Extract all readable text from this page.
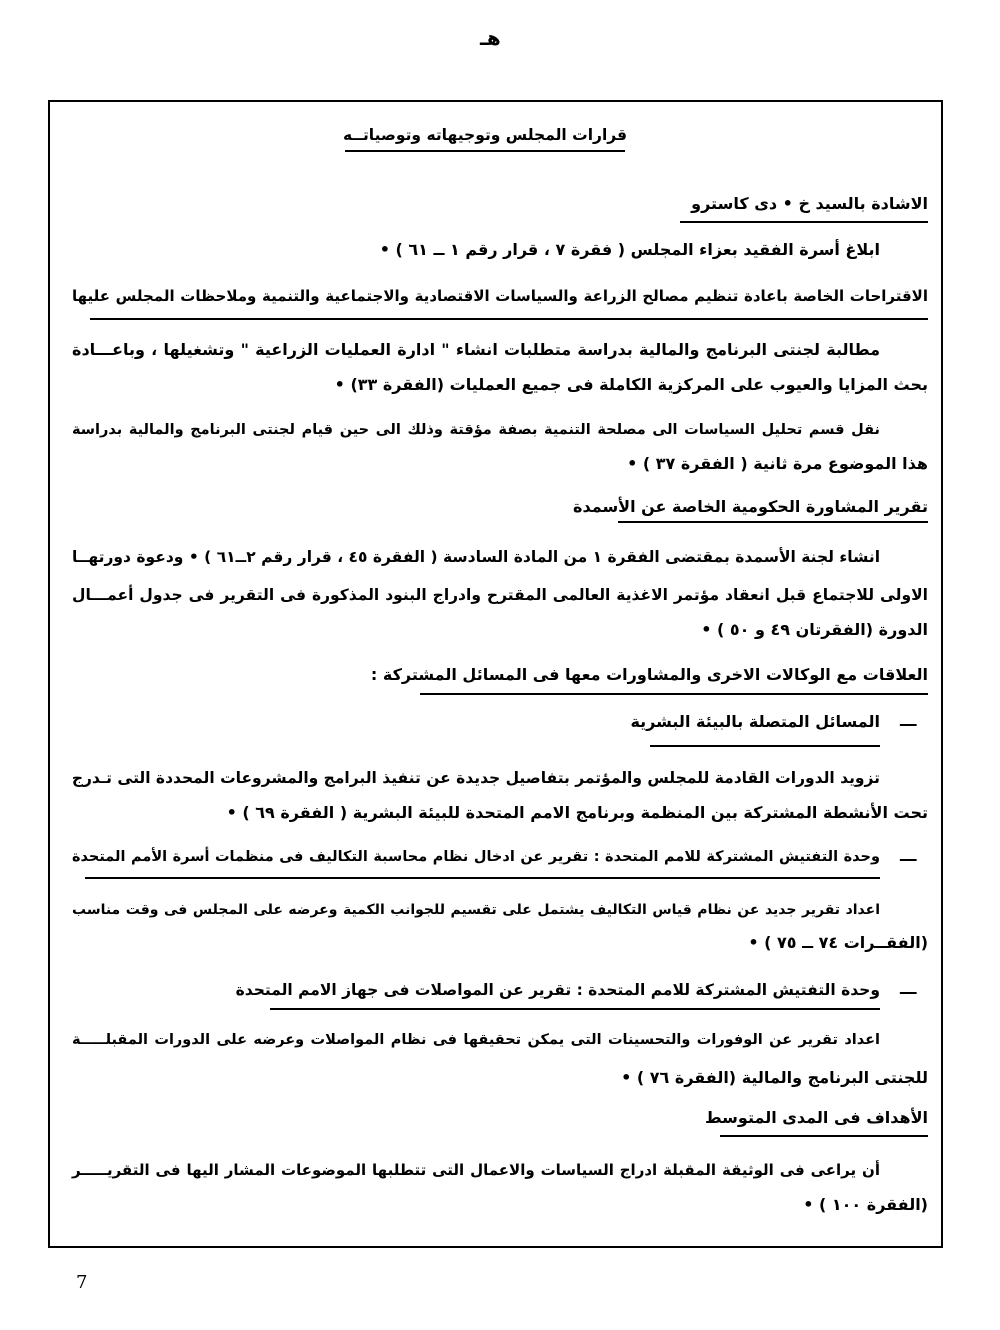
هـ
قرارات المجلس وتوجيهاته وتوصياتــه
الاشادة بالسيد خ • دى كاسترو
ابلاغ أسرة الفقيد بعزاء المجلس ( فقرة ٧ ، قرار رقم ١ ــ ٦١ ) •
الاقتراحات الخاصة باعادة تنظيم مصالح الزراعة والسياسات الاقتصادية والاجتماعية والتنمية وملاحظات المجلس عليها
مطالبة لجنتى البرنامج والمالية بدراسة متطلبات انشاء " ادارة العمليات الزراعية " وتشغيلها ، وباعـــادة
بحث المزايا والعيوب على المركزية الكاملة فى جميع العمليات (الفقرة ٣٣) •
نقل قسم تحليل السياسات الى مصلحة التنمية بصفة مؤقتة وذلك الى حين قيام لجنتى البرنامج والمالية بدراسة
هذا الموضوع مرة ثانية ( الفقرة ٣٧ ) •
تقرير المشاورة الحكومية الخاصة عن الأسمدة
انشاء لجنة الأسمدة بمقتضى الفقرة ١ من المادة السادسة ( الفقرة ٤٥ ، قرار رقم ٢ــ٦١ ) • ودعوة دورتهــا
الاولى للاجتماع قبل انعقاد مؤتمر الاغذية العالمى المقترح وادراج البنود المذكورة فى التقرير فى جدول أعمـــال
الدورة (الفقرتان ٤٩ و ٥٠ ) •
العلاقات مع الوكالات الاخرى والمشاورات معها فى المسائل المشتركة :
ـــ
المسائل المتصلة بالبيئة البشرية
تزويد الدورات القادمة للمجلس والمؤتمر بتفاصيل جديدة عن تنفيذ البرامج والمشروعات المحددة التى تـدرج
تحت الأنشطة المشتركة بين المنظمة وبرنامج الامم المتحدة للبيئة البشرية ( الفقرة ٦٩ ) •
ـــ
وحدة التفتيش المشتركة للامم المتحدة : تقرير عن ادخال نظام محاسبة التكاليف فى منظمات أسرة الأمم المتحدة
اعداد تقرير جديد عن نظام قياس التكاليف يشتمل على تقسيم للجوانب الكمية وعرضه على المجلس فى وقت مناسب
(الفقــرات ٧٤ ــ ٧٥ ) •
ـــ
وحدة التفتيش المشتركة للامم المتحدة : تقرير عن المواصلات فى جهاز الامم المتحدة
اعداد تقرير عن الوفورات والتحسينات التى يمكن تحقيقها فى نظام المواصلات وعرضه على الدورات المقبلـــــة
للجنتى البرنامج والمالية (الفقرة ٧٦ ) •
الأهداف فى المدى المتوسط
أن يراعى فى الوثيقة المقبلة ادراج السياسات والاعمال التى تتطلبها الموضوعات المشار اليها فى التقريـــــر
(الفقرة ١٠٠ ) •
7
